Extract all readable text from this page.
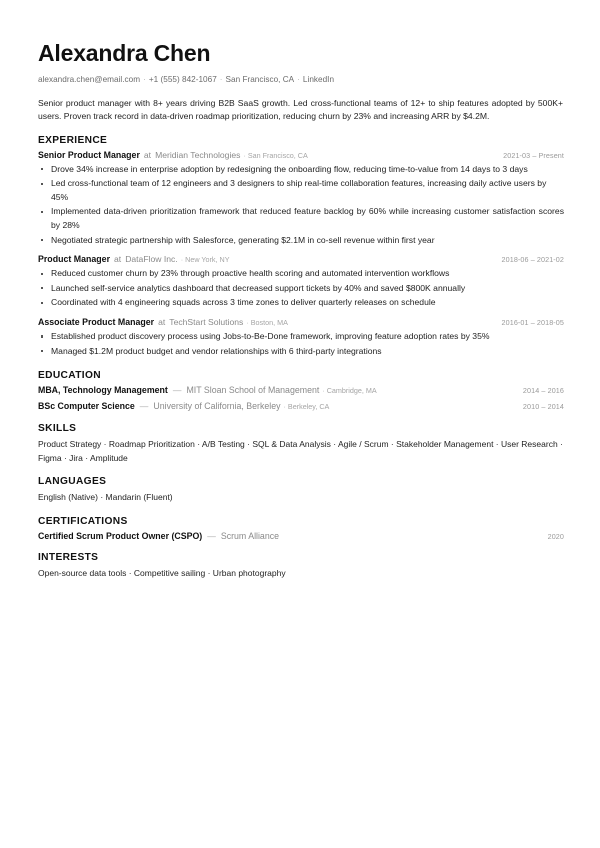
Alexandra Chen
alexandra.chen@email.com · +1 (555) 842-1067 · San Francisco, CA · LinkedIn
Senior product manager with 8+ years driving B2B SaaS growth. Led cross-functional teams of 12+ to ship features adopted by 500K+ users. Proven track record in data-driven roadmap prioritization, reducing churn by 23% and increasing ARR by $4.2M.
EXPERIENCE
Senior Product Manager at Meridian Technologies · San Francisco, CA	2021-03 – Present
Drove 34% increase in enterprise adoption by redesigning the onboarding flow, reducing time-to-value from 14 days to 3 days
Led cross-functional team of 12 engineers and 3 designers to ship real-time collaboration features, increasing daily active users by 45%
Implemented data-driven prioritization framework that reduced feature backlog by 60% while increasing customer satisfaction scores by 28%
Negotiated strategic partnership with Salesforce, generating $2.1M in co-sell revenue within first year
Product Manager at DataFlow Inc. · New York, NY	2018-06 – 2021-02
Reduced customer churn by 23% through proactive health scoring and automated intervention workflows
Launched self-service analytics dashboard that decreased support tickets by 40% and saved $800K annually
Coordinated with 4 engineering squads across 3 time zones to deliver quarterly releases on schedule
Associate Product Manager at TechStart Solutions · Boston, MA	2016-01 – 2018-05
Established product discovery process using Jobs-to-Be-Done framework, improving feature adoption rates by 35%
Managed $1.2M product budget and vendor relationships with 6 third-party integrations
EDUCATION
MBA, Technology Management — MIT Sloan School of Management · Cambridge, MA	2014 – 2016
BSc Computer Science — University of California, Berkeley · Berkeley, CA	2010 – 2014
SKILLS
Product Strategy · Roadmap Prioritization · A/B Testing · SQL & Data Analysis · Agile / Scrum · Stakeholder Management · User Research · Figma · Jira · Amplitude
LANGUAGES
English (Native) · Mandarin (Fluent)
CERTIFICATIONS
Certified Scrum Product Owner (CSPO) — Scrum Alliance	2020
INTERESTS
Open-source data tools · Competitive sailing · Urban photography
